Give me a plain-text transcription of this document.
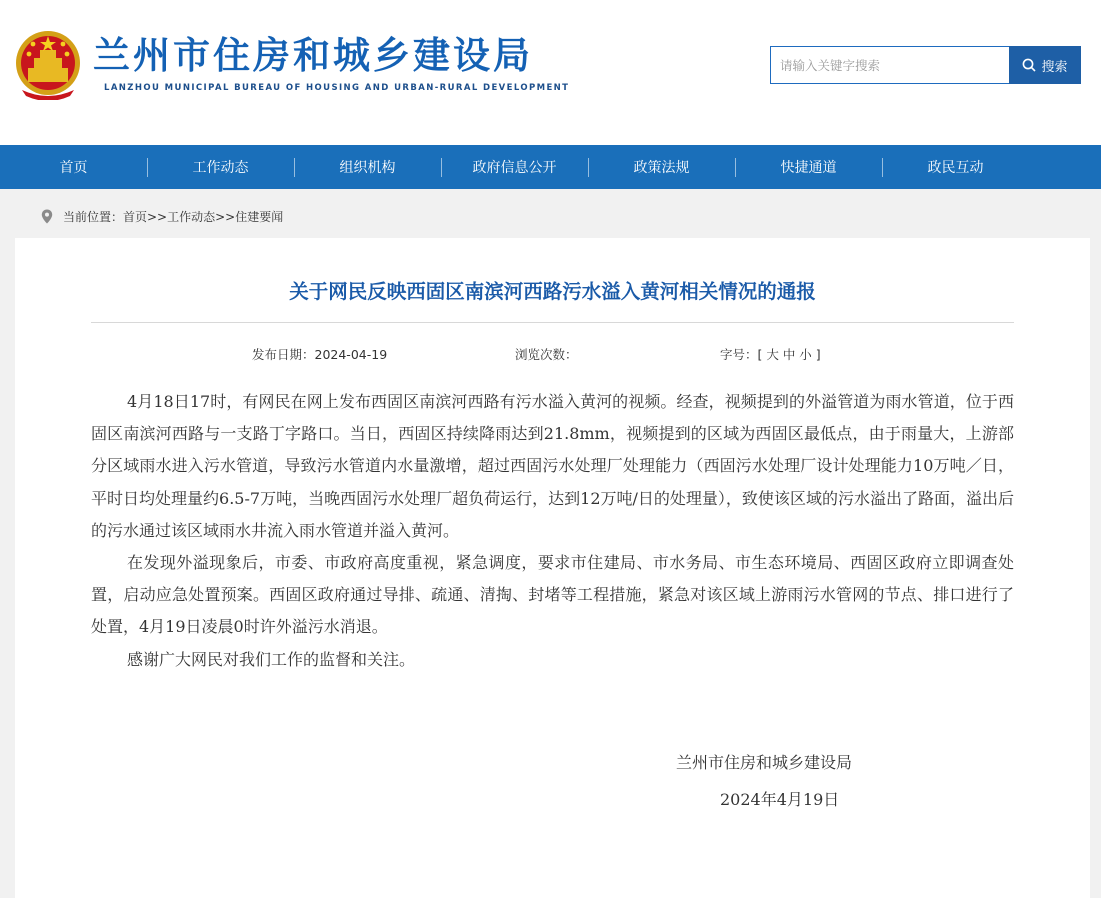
兰州市住房和城乡建设局
LANZHOU MUNICIPAL BUREAU OF HOUSING AND URBAN-RURAL DEVELOPMENT
请输入关键字搜索
搜索
首页	工作动态	组织机构	政府信息公开	政策法规	快捷通道	政民互动
当前位置：首页>>工作动态>>住建要闻
关于网民反映西固区南滨河西路污水溢入黄河相关情况的通报
发布日期：2024-04-19	浏览次数：	字号：[ 大 中 小 ]

4月18日17时，有网民在网上发布西固区南滨河西路有污水溢入黄河的视频。经查，视频提到的外溢管道为雨水管道，位于西固区南滨河西路与一支路丁字路口。当日，西固区持续降雨达到21.8mm，视频提到的区域为西固区最低点，由于雨量大，上游部分区域雨水进入污水管道，导致污水管道内水量激增，超过西固污水处理厂处理能力（西固污水处理厂设计处理能力10万吨／日，平时日均处理量约6.5-7万吨，当晚西固污水处理厂超负荷运行，达到12万吨/日的处理量），致使该区域的污水溢出了路面，溢出后的污水通过该区域雨水井流入雨水管道并溢入黄河。

在发现外溢现象后，市委、市政府高度重视，紧急调度，要求市住建局、市水务局、市生态环境局、西固区政府立即调查处置，启动应急处置预案。西固区政府通过导排、疏通、清掏、封堵等工程措施，紧急对该区域上游雨污水管网的节点、排口进行了处置，4月19日凌晨0时许外溢污水消退。

感谢广大网民对我们工作的监督和关注。

兰州市住房和城乡建设局
2024年4月19日
